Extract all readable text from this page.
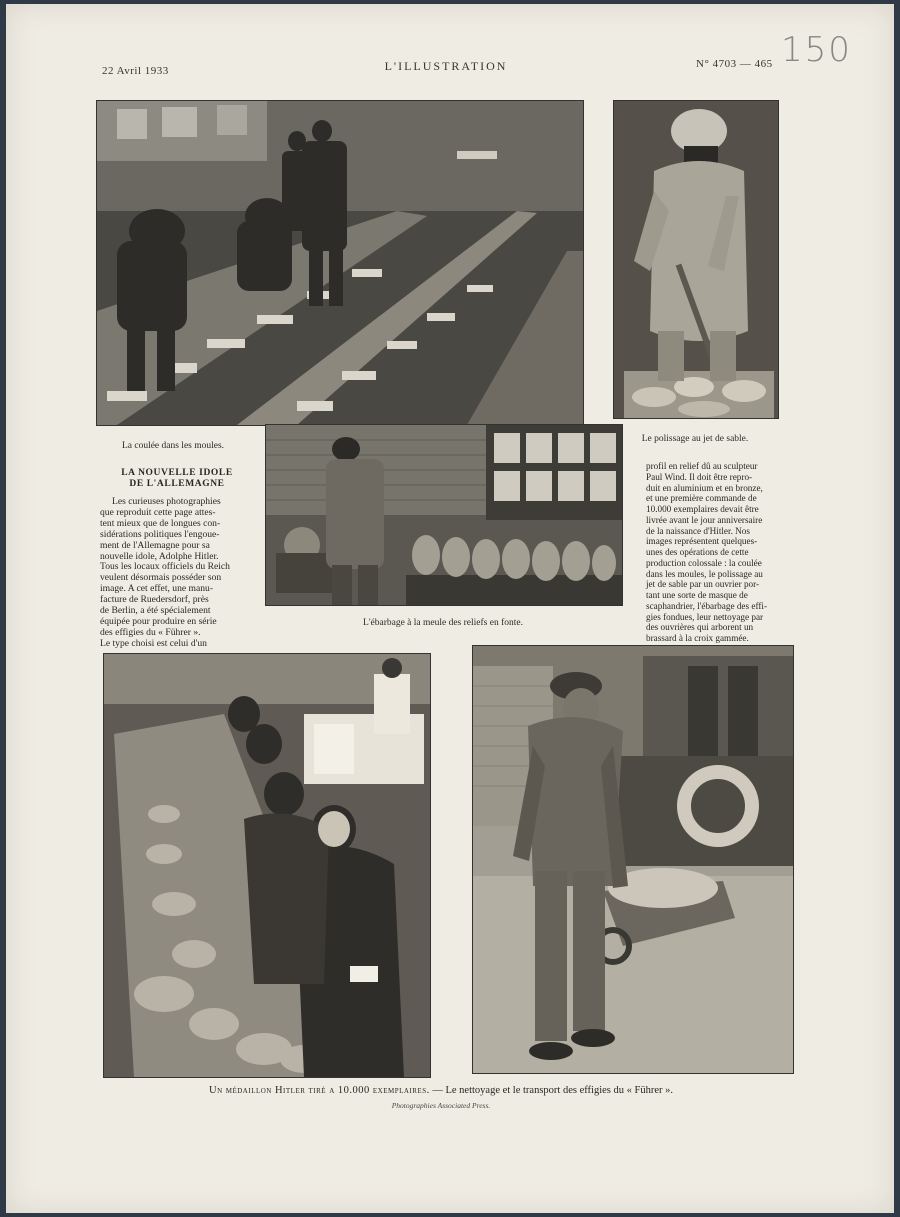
22 Avril 1933	L'ILLUSTRATION	N° 4703 — 465 150
La coulée dans les moules.
Le polissage au jet de sable.
LA NOUVELLE IDOLE
DE L'ALLEMAGNE
Les curieuses photographies
que reproduit cette page attes-
tent mieux que de longues con-
sidérations politiques l'engoue-
ment de l'Allemagne pour sa
nouvelle idole, Adolphe Hitler.
Tous les locaux officiels du Reich
veulent désormais posséder son
image. A cet effet, une manu-
facture de Ruedersdorf, près
de Berlin, a été spécialement
équipée pour produire en série
des effigies du « Führer ».
Le type choisi est celui d'un
L'ébarbage à la meule des reliefs en fonte.
profil en relief dû au sculpteur
Paul Wind. Il doit être repro-
duit en aluminium et en bronze,
et une première commande de
10.000 exemplaires devait être
livrée avant le jour anniversaire
de la naissance d'Hitler. Nos
images représentent quelques-
unes des opérations de cette
production colossale : la coulée
dans les moules, le polissage au
jet de sable par un ouvrier por-
tant une sorte de masque de
scaphandrier, l'ébarbage des effi-
gies fondues, leur nettoyage par
des ouvrières qui arborent un
brassard à la croix gammée.
Un médaillon Hitler tiré a 10.000 exemplaires. — Le nettoyage et le transport des effigies du « Führer ».
Photographies Associated Press.
